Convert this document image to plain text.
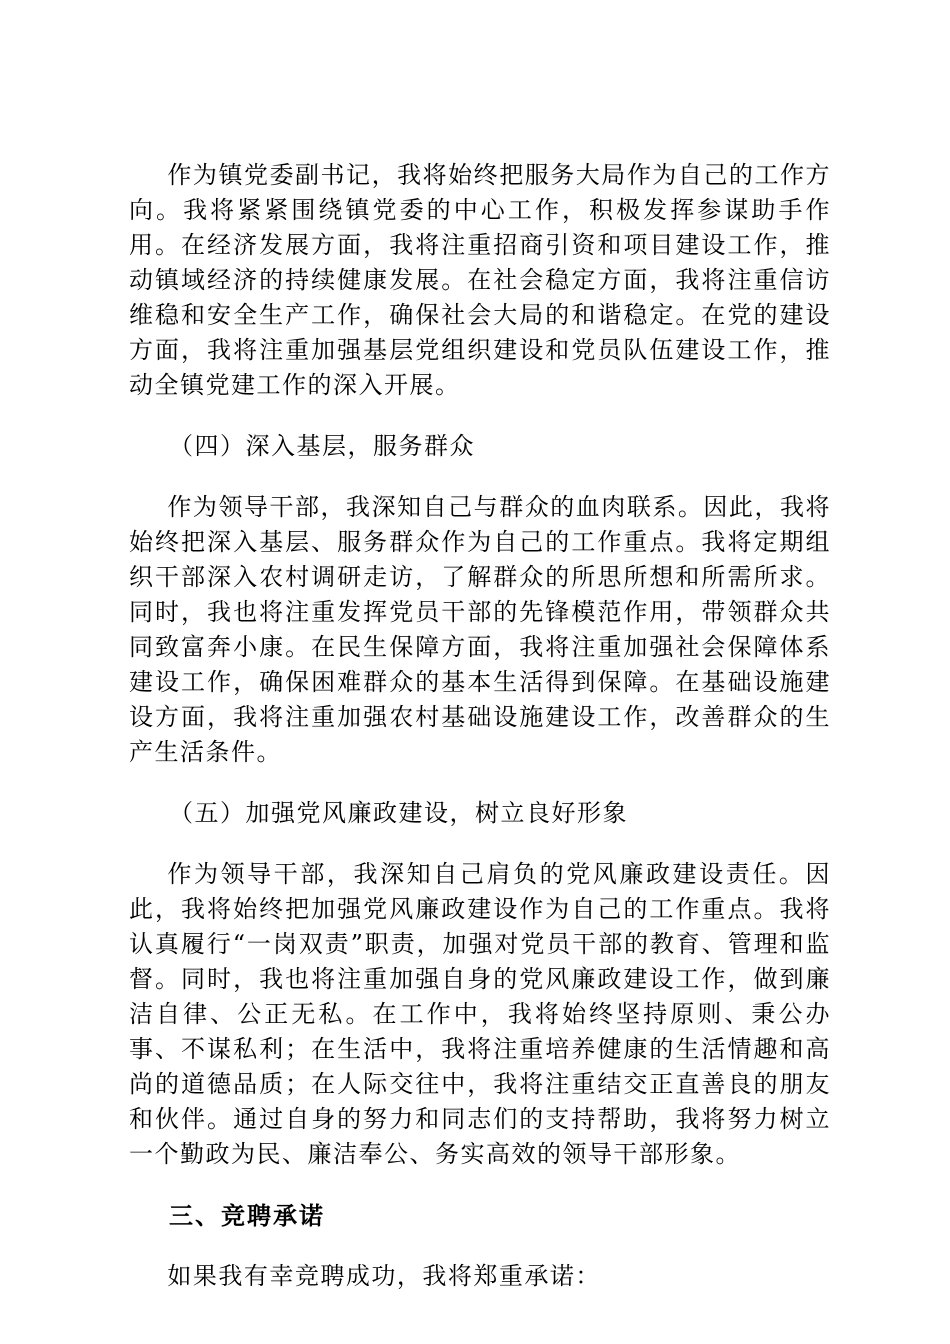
作为镇党委副书记，我将始终把服务大局作为自己的工作方向。我将紧紧围绕镇党委的中心工作，积极发挥参谋助手作用。在经济发展方面，我将注重招商引资和项目建设工作，推动镇域经济的持续健康发展。在社会稳定方面，我将注重信访维稳和安全生产工作，确保社会大局的和谐稳定。在党的建设方面，我将注重加强基层党组织建设和党员队伍建设工作，推动全镇党建工作的深入开展。

（四）深入基层，服务群众

作为领导干部，我深知自己与群众的血肉联系。因此，我将始终把深入基层、服务群众作为自己的工作重点。我将定期组织干部深入农村调研走访，了解群众的所思所想和所需所求。同时，我也将注重发挥党员干部的先锋模范作用，带领群众共同致富奔小康。在民生保障方面，我将注重加强社会保障体系建设工作，确保困难群众的基本生活得到保障。在基础设施建设方面，我将注重加强农村基础设施建设工作，改善群众的生产生活条件。

（五）加强党风廉政建设，树立良好形象

作为领导干部，我深知自己肩负的党风廉政建设责任。因此，我将始终把加强党风廉政建设作为自己的工作重点。我将认真履行“一岗双责”职责，加强对党员干部的教育、管理和监督。同时，我也将注重加强自身的党风廉政建设工作，做到廉洁自律、公正无私。在工作中，我将始终坚持原则、秉公办事、不谋私利；在生活中，我将注重培养健康的生活情趣和高尚的道德品质；在人际交往中，我将注重结交正直善良的朋友和伙伴。通过自身的努力和同志们的支持帮助，我将努力树立一个勤政为民、廉洁奉公、务实高效的领导干部形象。

三、竞聘承诺

如果我有幸竞聘成功，我将郑重承诺：
